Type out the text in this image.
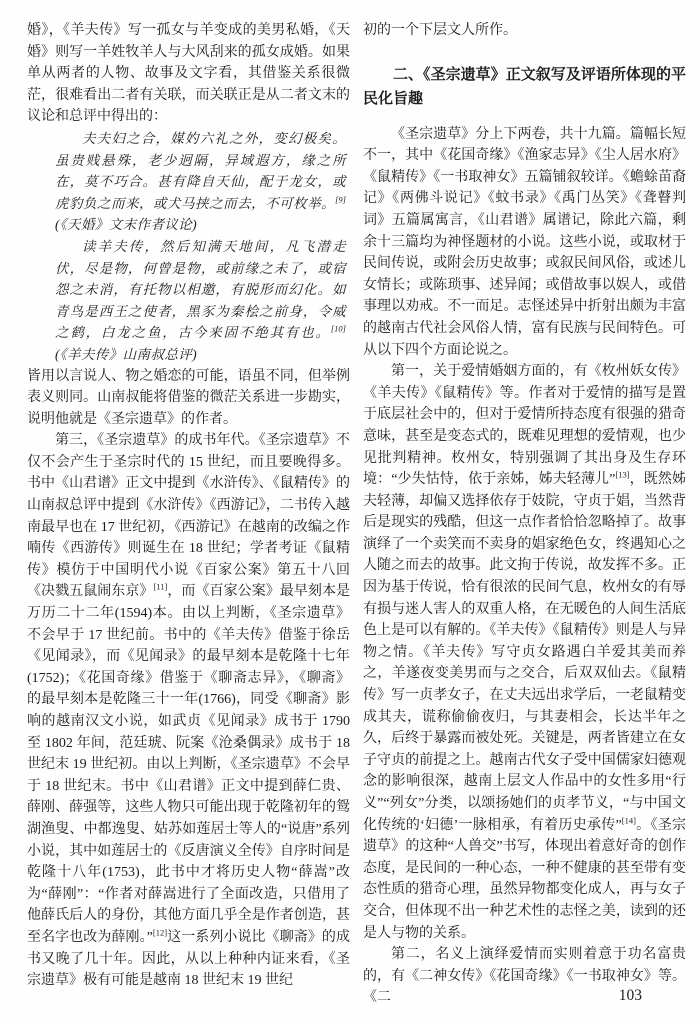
婚》，《羊夫传》写一孤女与羊变成的美男私婚，《天婚》则写一羊姓牧羊人与大风刮来的孤女成婚。如果单从两者的人物、故事及文字看，其借鉴关系很微茫，很难看出二者有关联，而关联正是从二者文末的议论和总评中得出的：

夫夫妇之合，媒妁六礼之外，变幻极矣。虽贵贱悬殊，老少迥隔，异域遐方，缘之所在，莫不巧合。甚有降自天仙，配于龙女，或虎豹负之而来，或犬马挟之而去，不可枚举。[9](《天婚》文末作者议论)

读羊夫传，然后知满天地间，凡飞潜走伏，尽是物，何曾是物，或前缘之未了，或宿怨之未消，有托物以相邀，有脱形而幻化。如青鸟是西王之使者，黑豕为秦桧之前身，令威之鹤，白龙之鱼，古今来固不绝其有也。[10](《羊夫传》山南叔总评)

皆用以言说人、物之婚恋的可能，语虽不同，但举例表义则同。山南叔能将借鉴的微茫关系进一步勘实，说明他就是《圣宗遗草》的作者。

第三，《圣宗遗草》的成书年代。《圣宗遗草》不仅不会产生于圣宗时代的 15 世纪，而且要晚得多。书中《山君谱》正文中提到《水浒传》、《鼠精传》的山南叔总评中提到《水浒传》《西游记》，二书传入越南最早也在 17 世纪初，《西游记》在越南的改编之作喃传《西游传》则诞生在 18 世纪；学者考证《鼠精传》模仿于中国明代小说《百家公案》第五十八回《决戮五鼠闹东京》[11]，而《百家公案》最早刻本是万历二十二年(1594)本。由以上判断，《圣宗遗草》不会早于 17 世纪前。书中的《羊夫传》借鉴于徐岳《见闻录》，而《见闻录》的最早刻本是乾隆十七年(1752)；《花国奇缘》借鉴于《聊斋志异》，《聊斋》的最早刻本是乾隆三十一年(1766)，同受《聊斋》影响的越南汉文小说，如武贞《见闻录》成书于 1790 至 1802 年间，范廷琥、阮案《沧桑偶录》成书于 18 世纪末 19 世纪初。由以上判断，《圣宗遗草》不会早于 18 世纪末。书中《山君谱》正文中提到薛仁贵、薛刚、薛强等，这些人物只可能出现于乾隆初年的鸳湖渔叟、中都逸叟、姑苏如莲居士等人的“说唐”系列小说，其中如莲居士的《反唐演义全传》自序时间是乾隆十八年(1753)，此书中才将历史人物“薛嵩”改为“薛刚”：“作者对薛嵩进行了全面改造，只借用了他薛氏后人的身份，其他方面几乎全是作者创造，甚至名字也改为薛刚。”[12]这一系列小说比《聊斋》的成书又晚了几十年。因此，从以上种种内证来看，《圣宗遗草》极有可能是越南 18 世纪末 19 世纪

初的一个下层文人所作。

二、《圣宗遗草》正文叙写及评语所体现的平民化旨趣

《圣宗遗草》分上下两卷，共十九篇。篇幅长短不一，其中《花国奇缘》《渔家志异》《尘人居水府》《鼠精传》《一书取神女》五篇铺叙较详。《蟾蜍苗裔记》《两佛斗说记》《蚊书录》《禹门丛笑》《聋瞽判词》五篇属寓言，《山君谱》属谱记，除此六篇，剩余十三篇均为神怪题材的小说。这些小说，或取材于民间传说，或附会历史故事；或叙民间风俗，或述儿女情长；或陈琐事、述异闻；或借故事以娱人，或借事理以劝戒。不一而足。志怪述异中折射出颇为丰富的越南古代社会风俗人情，富有民族与民间特色。可从以下四个方面论说之。

第一，关于爱情婚姻方面的，有《枚州妖女传》《羊夫传》《鼠精传》等。作者对于爱情的描写是置于底层社会中的，但对于爱情所持态度有很强的猎奇意味，甚至是变态式的，既难见理想的爱情观，也少见批判精神。枚州女，特别强调了其出身及生存环境：“少失怙恃，依于亲姊，姊夫轻薄儿”[13]，既然姊夫轻薄，却偏又选择依存于妓院，守贞于娼，当然背后是现实的残酷，但这一点作者恰恰忽略掉了。故事演绎了一个卖笑而不卖身的娼家绝色女，终遇知心之人随之而去的故事。此文拘于传说，故发挥不多。正因为基于传说，恰有很浓的民间气息，枚州女的有辱有损与迷人害人的双重人格，在无暖色的人间生活底色上是可以有解的。《羊夫传》《鼠精传》则是人与异物之情。《羊夫传》写守贞女路遇白羊爱其美而养之，羊遂夜变美男而与之交合，后双双仙去。《鼠精传》写一贞孝女子，在丈夫远出求学后，一老鼠精变成其夫，谎称偷偷夜归，与其妻相会，长达半年之久，后终于暴露而被处死。关键是，两者皆建立在女子守贞的前提之上。越南古代女子受中国儒家妇德观念的影响很深，越南上层文人作品中的女性多用“行义”“列女”分类，以颂扬她们的贞孝节义，“与中国文化传统的‘妇德’一脉相承，有着历史承传”[14]。《圣宗遗草》的这种“人兽交”书写，体现出着意好奇的创作态度，是民间的一种心态，一种不健康的甚至带有变态性质的猎奇心理，虽然异物都变化成人，再与女子交合，但体现不出一种艺术性的志怪之美，读到的还是人与物的关系。

第二，名义上演绎爱情而实则着意于功名富贵的，有《二神女传》《花国奇缘》《一书取神女》等。《二	103
